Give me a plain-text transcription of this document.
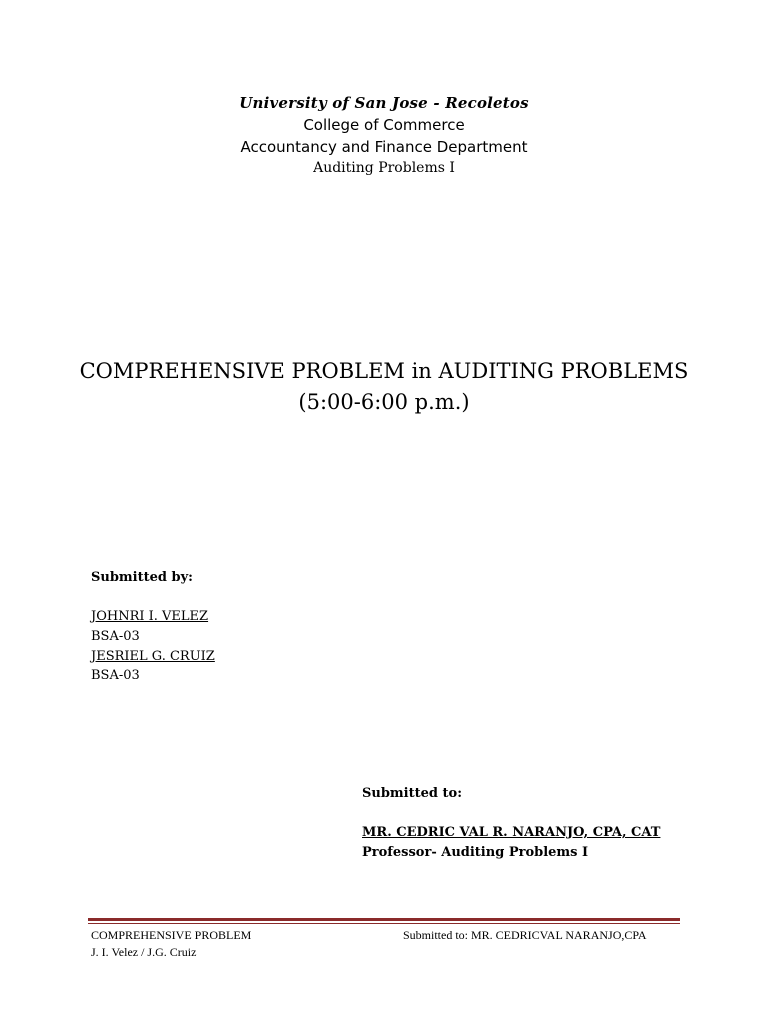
University of San Jose - Recoletos
College of Commerce
Accountancy and Finance Department
Auditing Problems I
COMPREHENSIVE PROBLEM in AUDITING PROBLEMS
(5:00-6:00 p.m.)
Submitted by:
JOHNRI I. VELEZ
BSA-03
JESRIEL G. CRUIZ
BSA-03
Submitted to:
MR. CEDRIC VAL R. NARANJO, CPA, CAT
Professor- Auditing Problems I
COMPREHENSIVE PROBLEM
J. I. Velez / J.G. Cruiz
Submitted to: MR. CEDRICVAL NARANJO,CPA
